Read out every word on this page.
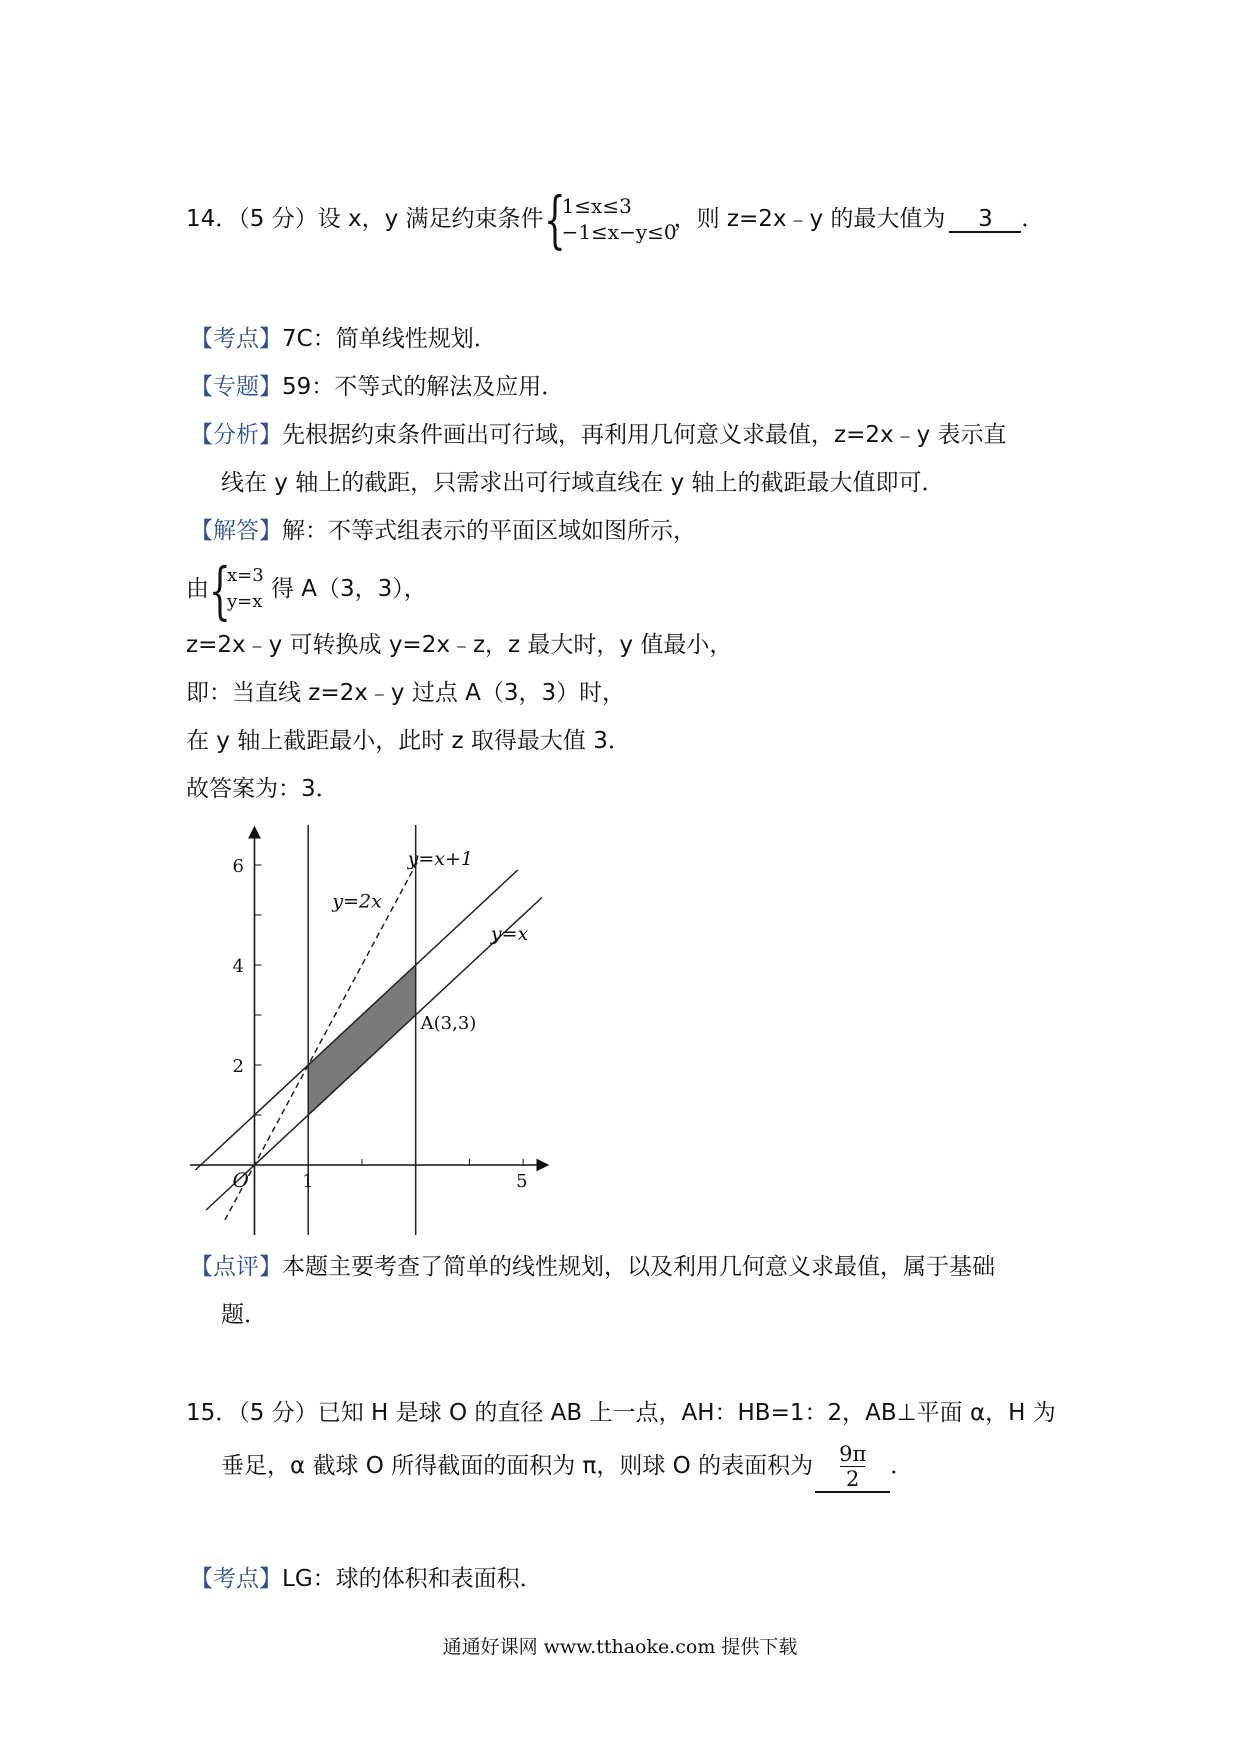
14．（5 分）设 x，y 满足约束条件 {
1≤x≤3
−1≤x−y≤0
，则 z=2x﹣y 的最大值为 3 ．
【考点】7C：简单线性规划．
【专题】59：不等式的解法及应用．
【分析】先根据约束条件画出可行域，再利用几何意义求最值，z=2x﹣y 表示直
线在 y 轴上的截距，只需求出可行域直线在 y 轴上的截距最大值即可．
【解答】解：不等式组表示的平面区域如图所示，
由 {
x=3
y=x 得 A（3，3），
z=2x﹣y 可转换成 y=2x﹣z，z 最大时，y 值最小，
即：当直线 z=2x﹣y 过点 A（3，3）时，
在 y 轴上截距最小，此时 z 取得最大值 3．
故答案为：3．
y=x+1
y=x
y=2x
1	5
2
4
6
O
A(3,3)
【点评】本题主要考查了简单的线性规划，以及利用几何意义求最值，属于基础
题．
15．（5 分）已知 H 是球 O 的直径 AB 上一点，AH：HB=1：2，AB⊥平面 α，H 为
垂足，α 截球 O 所得截面的面积为 π，则球 O 的表面积为 $\frac{9\pi}{2}$ ．
【考点】LG：球的体积和表面积．
通通好课网 www.tthaoke.com 提供下载
